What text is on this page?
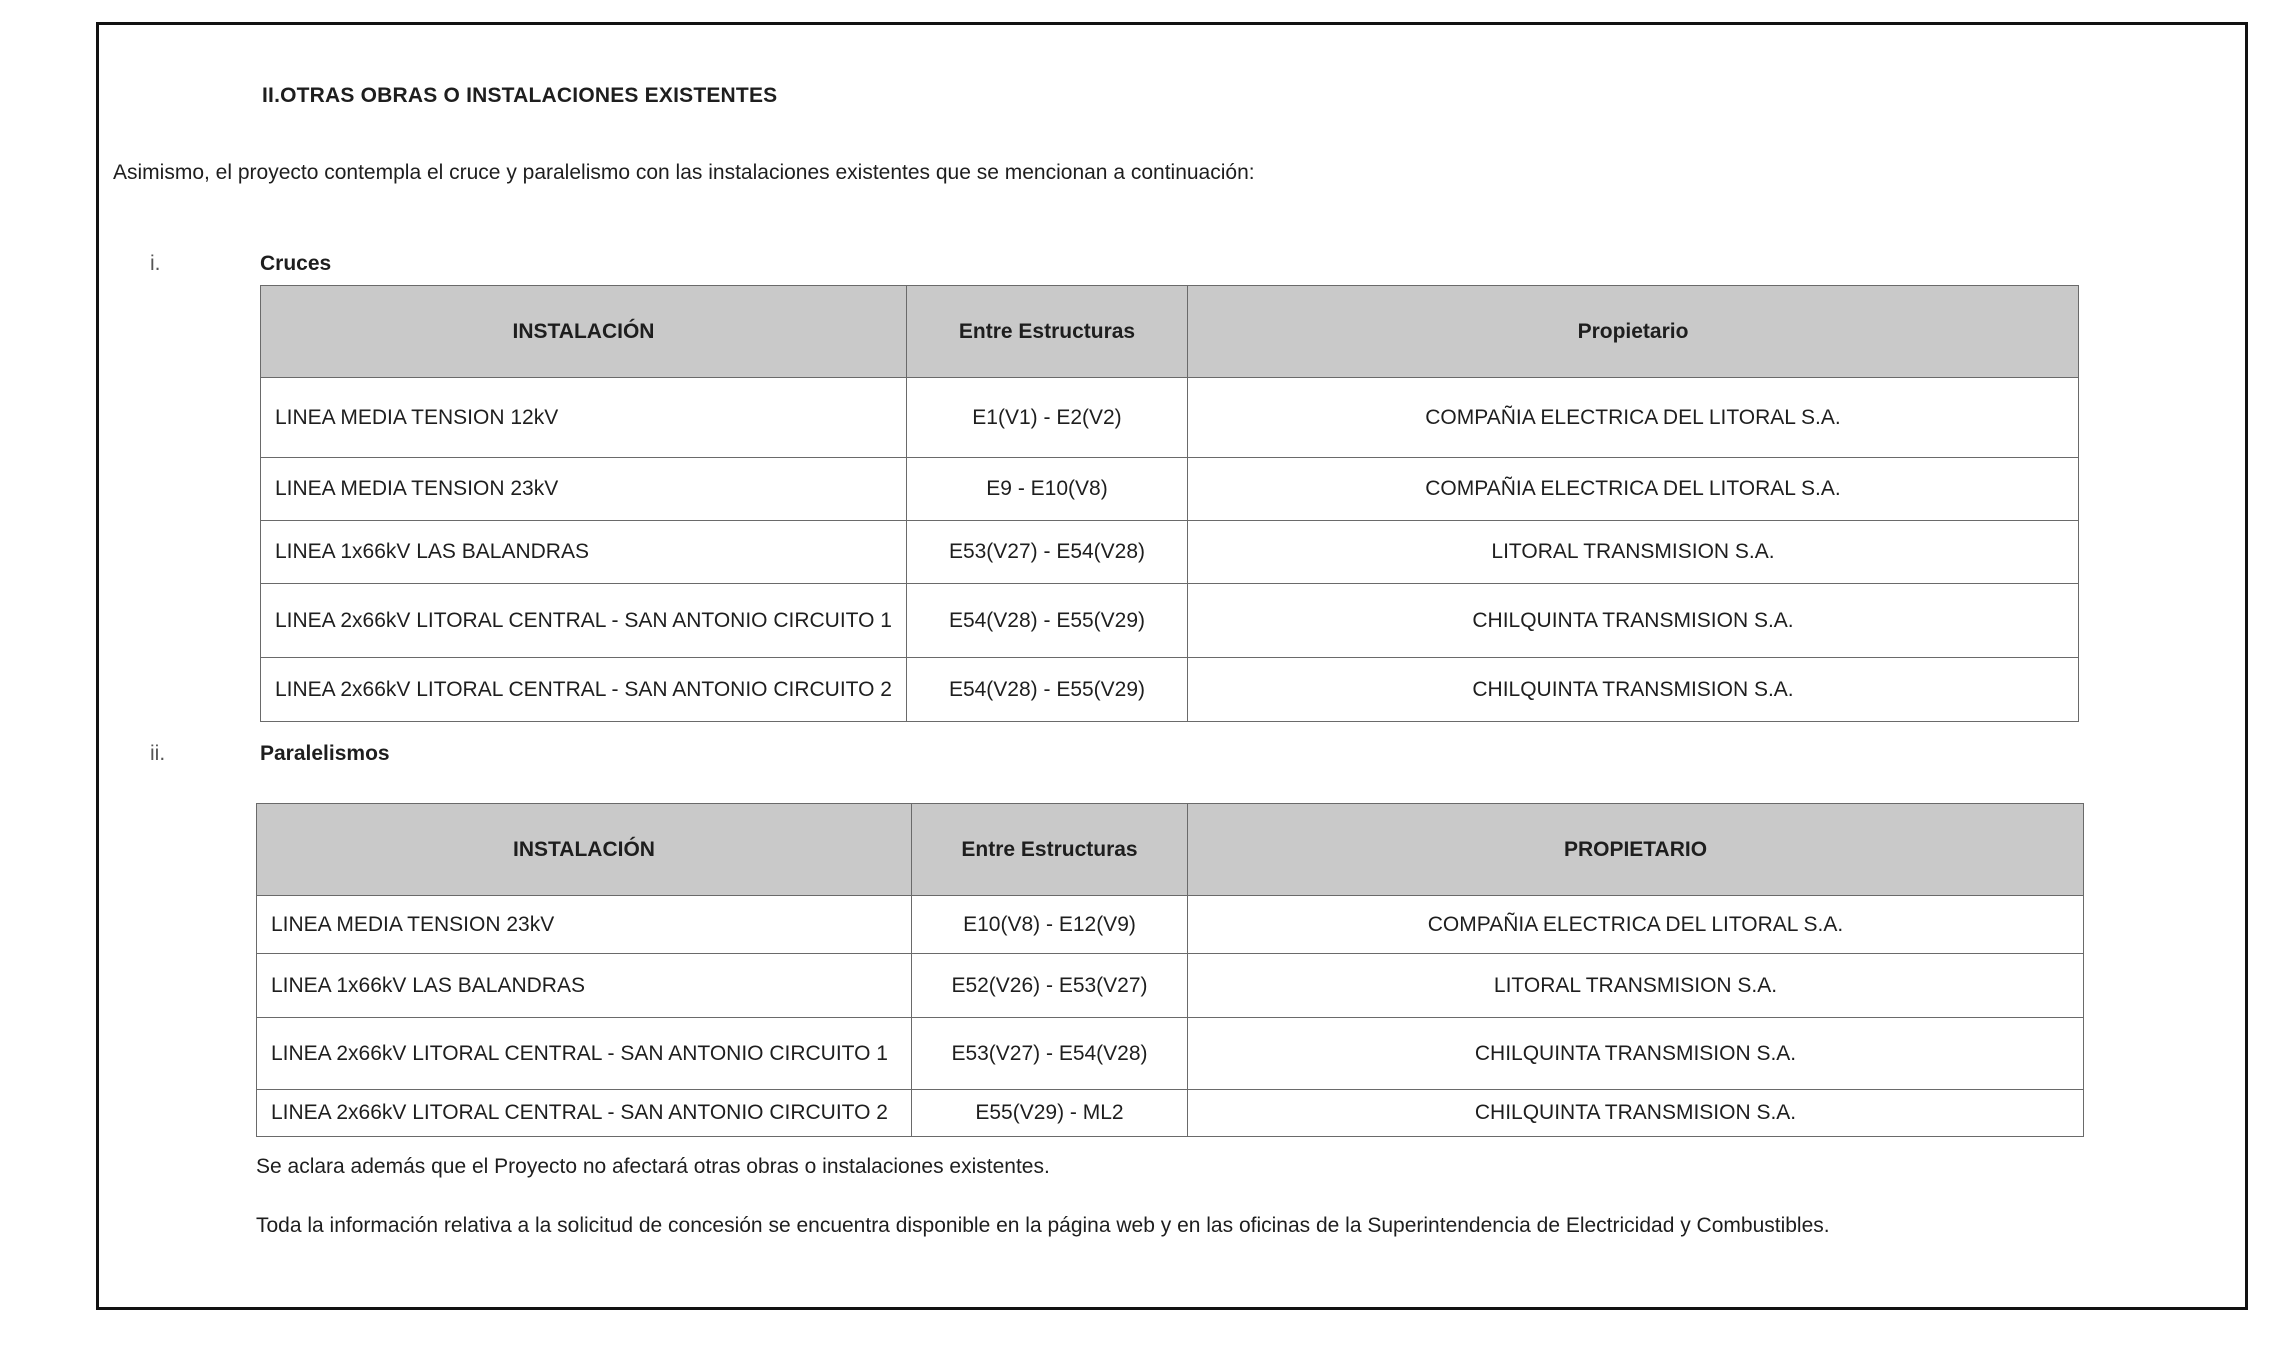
II.OTRAS OBRAS O INSTALACIONES EXISTENTES
Asimismo, el proyecto contempla el cruce y paralelismo con las instalaciones existentes que se mencionan a continuación:
i.	Cruces
INSTALACIÓN	Entre Estructuras	Propietario
LINEA MEDIA TENSION 12kV	E1(V1) - E2(V2)	COMPAÑIA ELECTRICA DEL LITORAL S.A.
LINEA MEDIA TENSION 23kV	E9 - E10(V8)	COMPAÑIA ELECTRICA DEL LITORAL S.A.
LINEA 1x66kV LAS BALANDRAS	E53(V27) - E54(V28)	LITORAL TRANSMISION S.A.
LINEA 2x66kV LITORAL CENTRAL - SAN ANTONIO CIRCUITO 1	E54(V28) - E55(V29)	CHILQUINTA TRANSMISION S.A.
LINEA 2x66kV LITORAL CENTRAL - SAN ANTONIO CIRCUITO 2	E54(V28) - E55(V29)	CHILQUINTA TRANSMISION S.A.
ii.	Paralelismos
INSTALACIÓN	Entre Estructuras	PROPIETARIO
LINEA MEDIA TENSION 23kV	E10(V8) - E12(V9)	COMPAÑIA ELECTRICA DEL LITORAL S.A.
LINEA 1x66kV LAS BALANDRAS	E52(V26) - E53(V27)	LITORAL TRANSMISION S.A.
LINEA 2x66kV LITORAL CENTRAL - SAN ANTONIO CIRCUITO 1	E53(V27) - E54(V28)	CHILQUINTA TRANSMISION S.A.
LINEA 2x66kV LITORAL CENTRAL - SAN ANTONIO CIRCUITO 2	E55(V29) - ML2	CHILQUINTA TRANSMISION S.A.
Se aclara además que el Proyecto no afectará otras obras o instalaciones existentes.
Toda la información relativa a la solicitud de concesión se encuentra disponible en la página web y en las oficinas de la Superintendencia de Electricidad y Combustibles.
